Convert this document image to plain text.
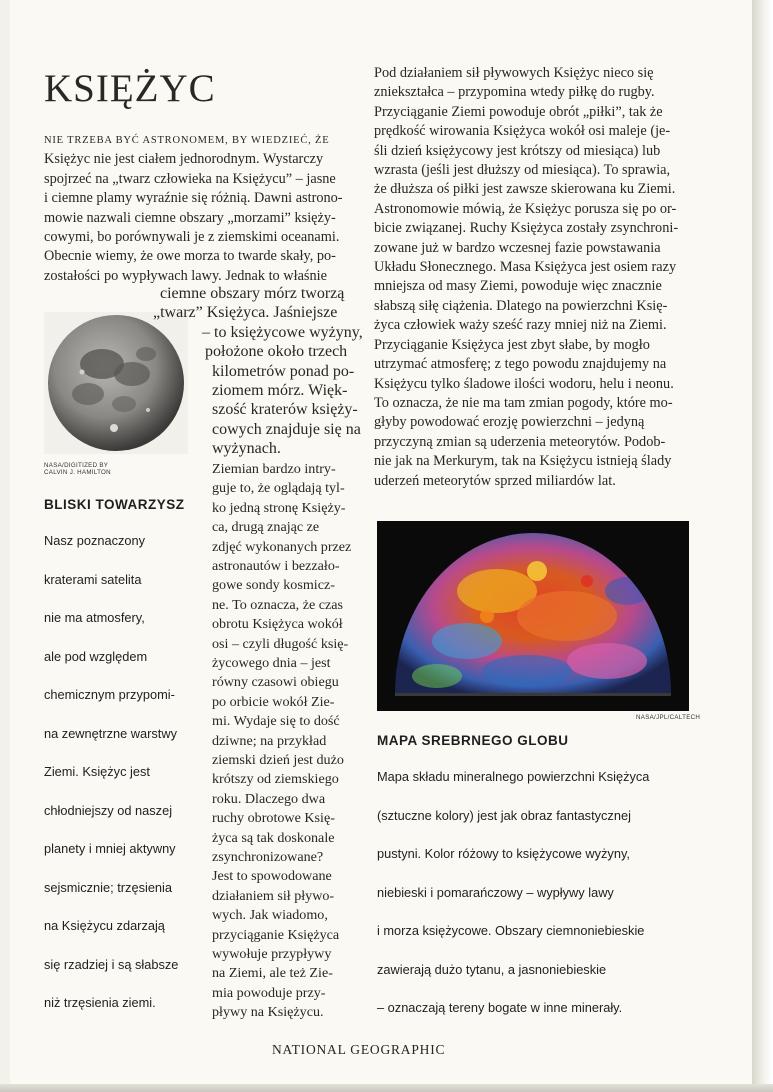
KSIĘŻYC

NIE TRZEBA BYĆ ASTRONOMEM, BY WIEDZIEĆ, ŻE

Księżyc nie jest ciałem jednorodnym. Wystarczy
spojrzeć na „twarz człowieka na Księżycu” – jasne
i ciemne plamy wyraźnie się różnią. Dawni astrono-
mowie nazwali ciemne obszary „morzami” księży-
cowymi, bo porównywali je z ziemskimi oceanami.
Obecnie wiemy, że owe morza to twarde skały, po-
zostałości po wypływach lawy. Jednak to właśnie
NASA/DIGITIZED BY
CALVIN J. HAMILTON
BLISKI TOWARZYSZ
Nasz poznaczony
kraterami satelita
nie ma atmosfery,
ale pod względem
chemicznym przypomi-
na zewnętrzne warstwy
Ziemi. Księżyc jest
chłodniejszy od naszej
planety i mniej aktywny
sejsmicznie; trzęsienia
na Księżycu zdarzają
się rzadziej i są słabsze
niż trzęsienia ziemi.
Pod działaniem sił pływowych Księżyc nieco się
zniekształca – przypomina wtedy piłkę do rugby.
Przyciąganie Ziemi powoduje obrót „piłki”, tak że
prędkość wirowania Księżyca wokół osi maleje (je-
śli dzień księżycowy jest krótszy od miesiąca) lub
wzrasta (jeśli jest dłuższy od miesiąca). To sprawia,
że dłuższa oś piłki jest zawsze skierowana ku Ziemi.
Astronomowie mówią, że Księżyc porusza się po or-
bicie związanej. Ruchy Księżyca zostały zsynchroni-
zowane już w bardzo wczesnej fazie powstawania
Układu Słonecznego. Masa Księżyca jest osiem razy
mniejsza od masy Ziemi, powoduje więc znacznie
słabszą siłę ciążenia. Dlatego na powierzchni Księ-
życa człowiek waży sześć razy mniej niż na Ziemi.
Przyciąganie Księżyca jest zbyt słabe, by mogło
utrzymać atmosferę; z tego powodu znajdujemy na
Księżycu tylko śladowe ilości wodoru, helu i neonu.
To oznacza, że nie ma tam zmian pogody, które mo-
głyby powodować erozję powierzchni – jedyną
przyczyną zmian są uderzenia meteorytów. Podob-
nie jak na Merkurym, tak na Księżycu istnieją ślady
uderzeń meteorytów sprzed miliardów lat.
NASA/JPL/CALTECH
MAPA SREBRNEGO GLOBU
Mapa składu mineralnego powierzchni Księżyca
(sztuczne kolory) jest jak obraz fantastycznej
pustyni. Kolor różowy to księżycowe wyżyny,
niebieski i pomarańczowy – wypływy lawy
i morza księżycowe. Obszary ciemnoniebieskie
zawierają dużo tytanu, a jasnoniebieskie
– oznaczają tereny bogate w inne minerały.
NATIONAL GEOGRAPHIC
ciemne obszary mórz tworzą
„twarz” Księżyca. Jaśniejsze
– to księżycowe wyżyny,
położone około trzech
kilometrów ponad po-
ziomem mórz. Więk-
szość kraterów księży-
cowych znajduje się na
wyżynach.
Ziemian bardzo intry-
guje to, że oglądają tyl-
ko jedną stronę Księży-
ca, drugą znając ze
zdjęć wykonanych przez
astronautów i bezzało-
gowe sondy kosmicz-
ne. To oznacza, że czas
obrotu Księżyca wokół
osi – czyli długość księ-
życowego dnia – jest
równy czasowi obiegu
po orbicie wokół Zie-
mi. Wydaje się to dość
dziwne; na przykład
ziemski dzień jest dużo
krótszy od ziemskiego
roku. Dlaczego dwa
ruchy obrotowe Księ-
życa są tak doskonale
zsynchronizowane?
Jest to spowodowane
działaniem sił pływo-
wych. Jak wiadomo,
przyciąganie Księżyca
wywołuje przypływy
na Ziemi, ale też Zie-
mia powoduje przy-
pływy na Księżycu.
